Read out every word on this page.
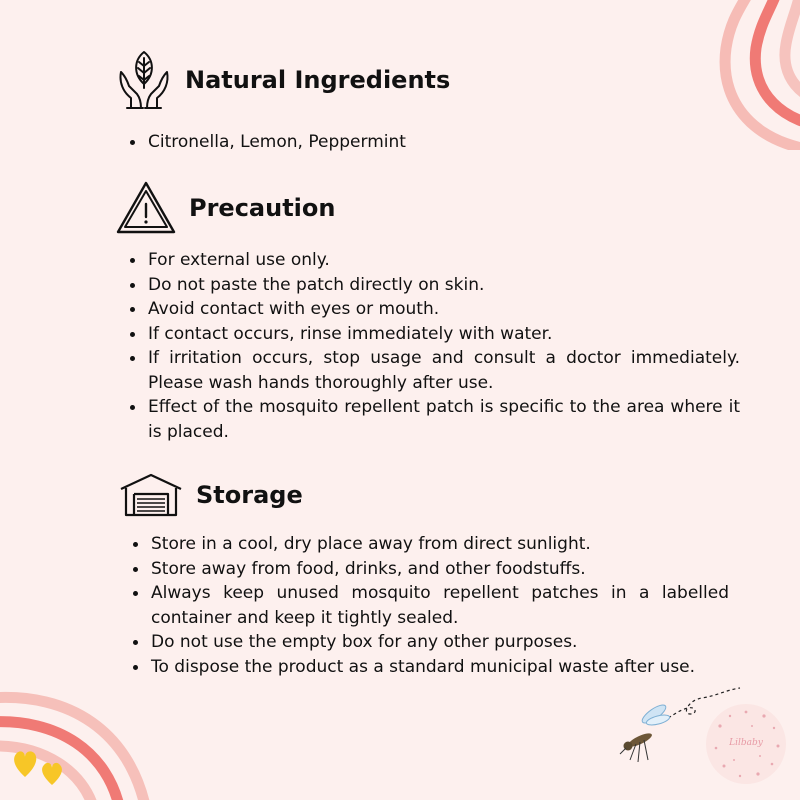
Natural Ingredients
• Citronella, Lemon, Peppermint
Precaution
• For external use only.
• Do not paste the patch directly on skin.
• Avoid contact with eyes or mouth.
• If contact occurs, rinse immediately with water.
• If irritation occurs, stop usage and consult a doctor immediately. Please wash hands thoroughly after use.
• Effect of the mosquito repellent patch is specific to the area where it is placed.
Storage
• Store in a cool, dry place away from direct sunlight.
• Store away from food, drinks, and other foodstuffs.
• Always keep unused mosquito repellent patches in a labelled container and keep it tightly sealed.
• Do not use the empty box for any other purposes.
• To dispose the product as a standard municipal waste after use.
Lilbaby
